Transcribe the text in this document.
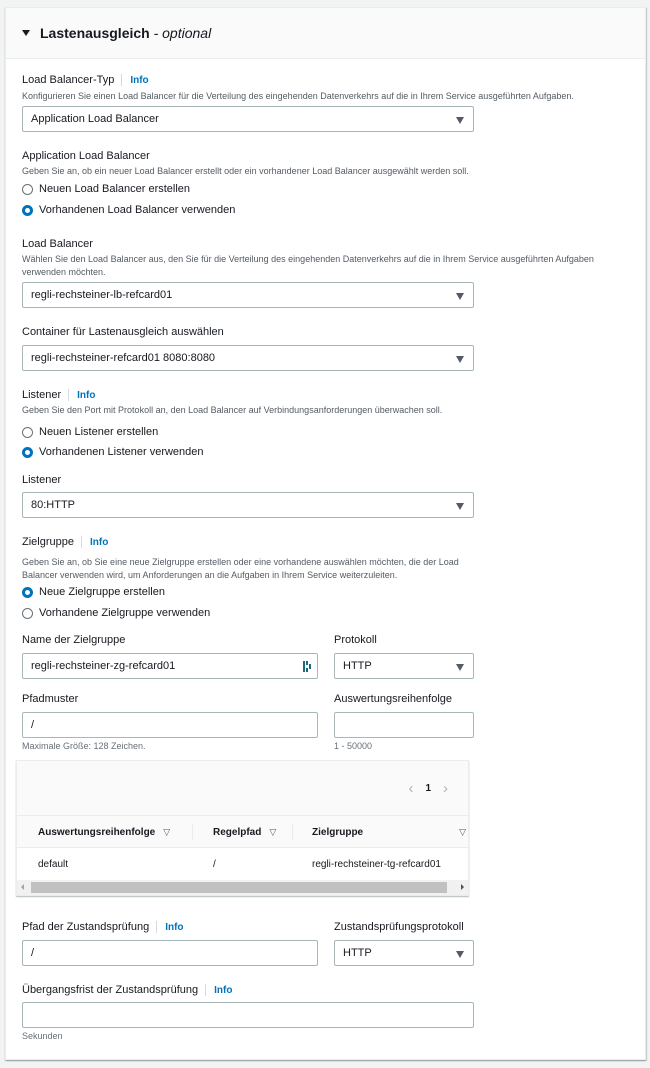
Lastenausgleich - optional
Load Balancer-Typ Info
Konfigurieren Sie einen Load Balancer für die Verteilung des eingehenden Datenverkehrs auf die in Ihrem Service ausgeführten Aufgaben.
Application Load Balancer
Application Load Balancer
Geben Sie an, ob ein neuer Load Balancer erstellt oder ein vorhandener Load Balancer ausgewählt werden soll.
Neuen Load Balancer erstellen
Vorhandenen Load Balancer verwenden
Load Balancer
Wählen Sie den Load Balancer aus, den Sie für die Verteilung des eingehenden Datenverkehrs auf die in Ihrem Service ausgeführten Aufgaben verwenden möchten.
regli-rechsteiner-lb-refcard01
Container für Lastenausgleich auswählen
regli-rechsteiner-refcard01 8080:8080
Listener Info
Geben Sie den Port mit Protokoll an, den Load Balancer auf Verbindungsanforderungen überwachen soll.
Neuen Listener erstellen
Vorhandenen Listener verwenden
Listener
80:HTTP
Zielgruppe Info
Geben Sie an, ob Sie eine neue Zielgruppe erstellen oder eine vorhandene auswählen möchten, die der Load Balancer verwenden wird, um Anforderungen an die Aufgaben in Ihrem Service weiterzuleiten.
Neue Zielgruppe erstellen
Vorhandene Zielgruppe verwenden
Name der Zielgruppe
regli-rechsteiner-zg-refcard01
Protokoll
HTTP
Pfadmuster
/
Maximale Größe: 128 Zeichen.
Auswertungsreihenfolge
1 - 50000
‹ 1 ›
Auswertungsreihenfolge ▽	Regelpfad ▽	Zielgruppe	▽
default	/	regli-rechsteiner-tg-refcard01
Pfad der Zustandsprüfung Info
/
Zustandsprüfungsprotokoll
HTTP
Übergangsfrist der Zustandsprüfung Info
Sekunden
